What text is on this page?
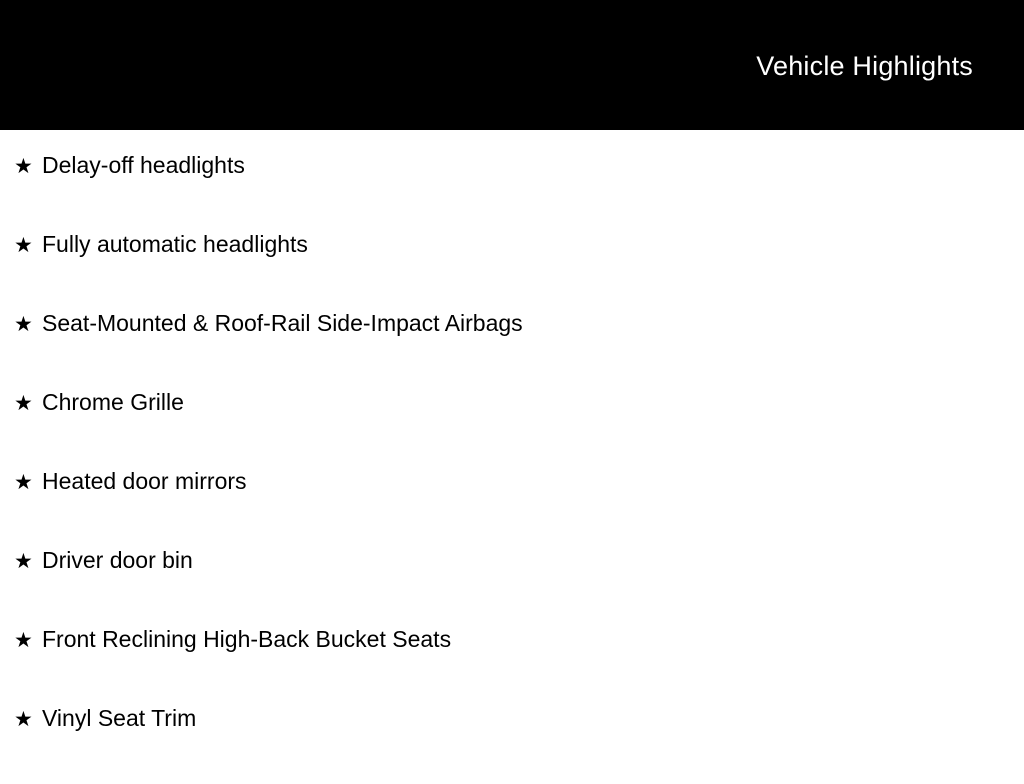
Vehicle Highlights
★ Delay-off headlights
★ Fully automatic headlights
★ Seat-Mounted & Roof-Rail Side-Impact Airbags
★ Chrome Grille
★ Heated door mirrors
★ Driver door bin
★ Front Reclining High-Back Bucket Seats
★ Vinyl Seat Trim
